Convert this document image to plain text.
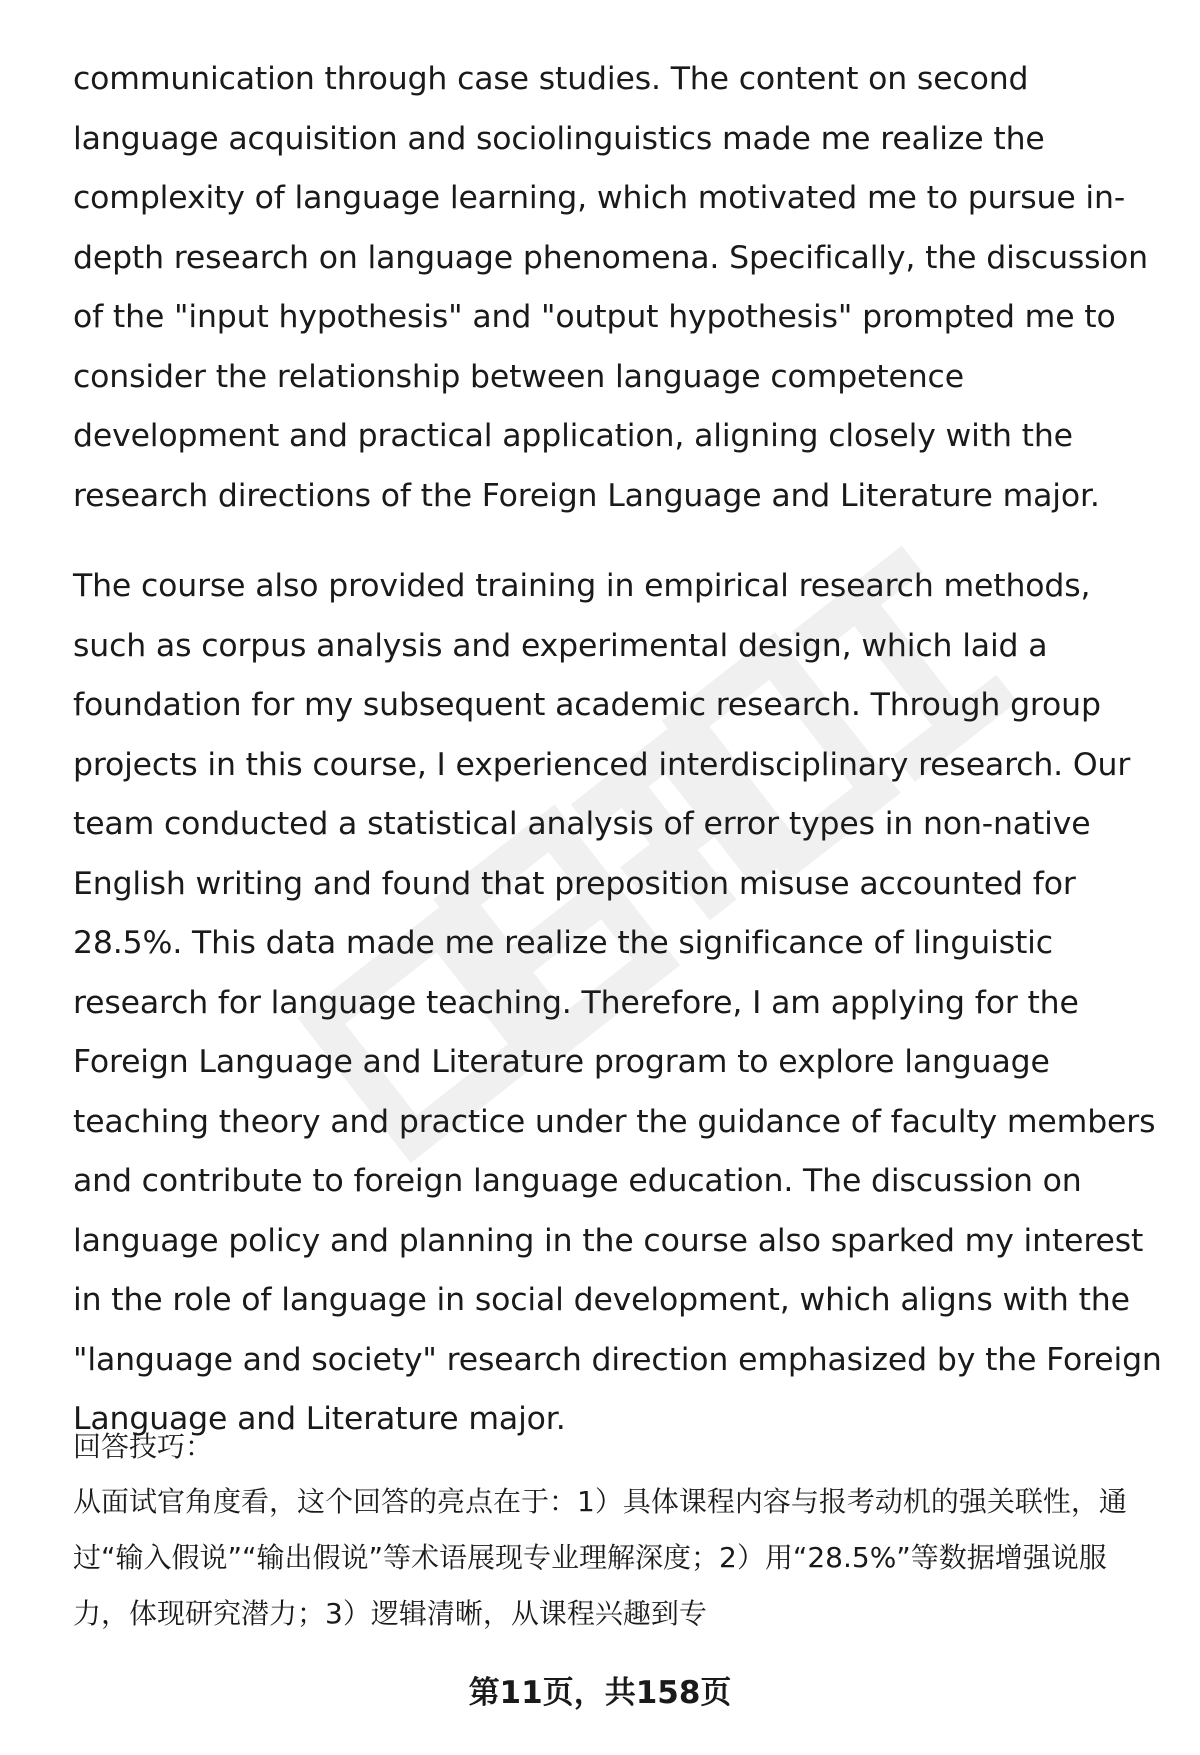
communication through case studies. The content on second language acquisition and sociolinguistics made me realize the complexity of language learning, which motivated me to pursue in-depth research on language phenomena. Specifically, the discussion of the "input hypothesis" and "output hypothesis" prompted me to consider the relationship between language competence development and practical application, aligning closely with the research directions of the Foreign Language and Literature major.

The course also provided training in empirical research methods, such as corpus analysis and experimental design, which laid a foundation for my subsequent academic research. Through group projects in this course, I experienced interdisciplinary research. Our team conducted a statistical analysis of error types in non-native English writing and found that preposition misuse accounted for 28.5%. This data made me realize the significance of linguistic research for language teaching. Therefore, I am applying for the Foreign Language and Literature program to explore language teaching theory and practice under the guidance of faculty members and contribute to foreign language education. The discussion on language policy and planning in the course also sparked my interest in the role of language in social development, which aligns with the "language and society" research direction emphasized by the Foreign Language and Literature major.

回答技巧：

从面试官角度看，这个回答的亮点在于：1）具体课程内容与报考动机的强关联性，通过“输入假说”“输出假说”等术语展现专业理解深度；2）用“28.5%”等数据增强说服力，体现研究潜力；3）逻辑清晰，从课程兴趣到专

第11页，共158页
